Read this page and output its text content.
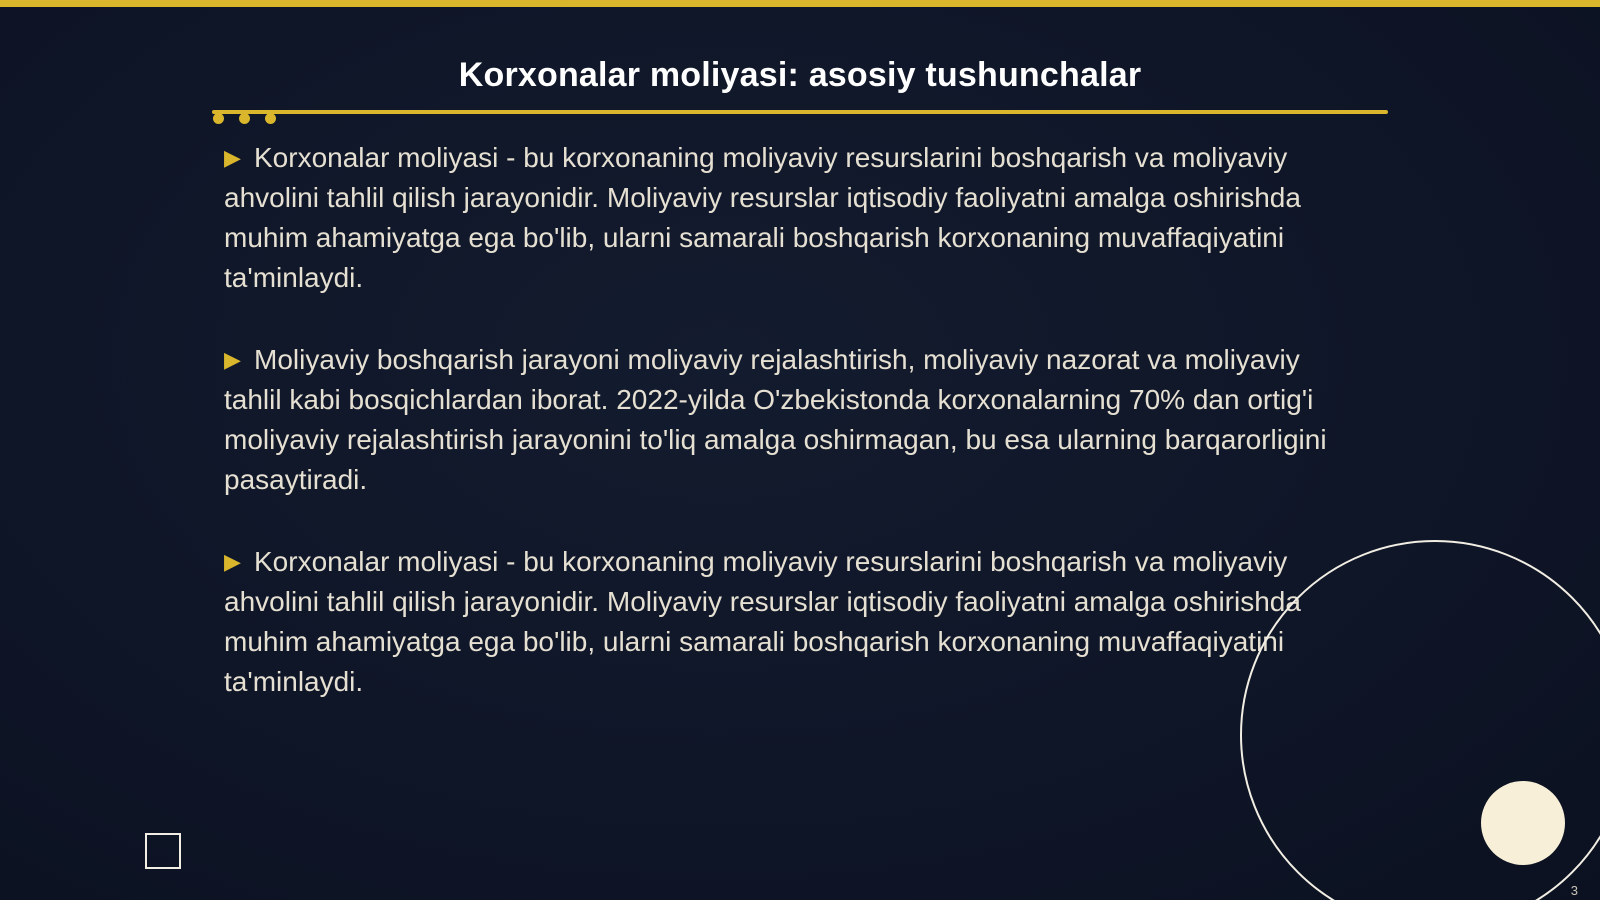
Korxonalar moliyasi: asosiy tushunchalar

▶ Korxonalar moliyasi - bu korxonaning moliyaviy resurslarini boshqarish va moliyaviy ahvolini tahlil qilish jarayonidir. Moliyaviy resurslar iqtisodiy faoliyatni amalga oshirishda muhim ahamiyatga ega bo'lib, ularni samarali boshqarish korxonaning muvaffaqiyatini ta'minlaydi.

▶ Moliyaviy boshqarish jarayoni moliyaviy rejalashtirish, moliyaviy nazorat va moliyaviy tahlil kabi bosqichlardan iborat. 2022-yilda O'zbekistonda korxonalarning 70% dan ortig'i moliyaviy rejalashtirish jarayonini to'liq amalga oshirmagan, bu esa ularning barqarorligini pasaytiradi.

▶ Korxonalar moliyasi - bu korxonaning moliyaviy resurslarini boshqarish va moliyaviy ahvolini tahlil qilish jarayonidir. Moliyaviy resurslar iqtisodiy faoliyatni amalga oshirishda muhim ahamiyatga ega bo'lib, ularni samarali boshqarish korxonaning muvaffaqiyatini ta'minlaydi.

3
